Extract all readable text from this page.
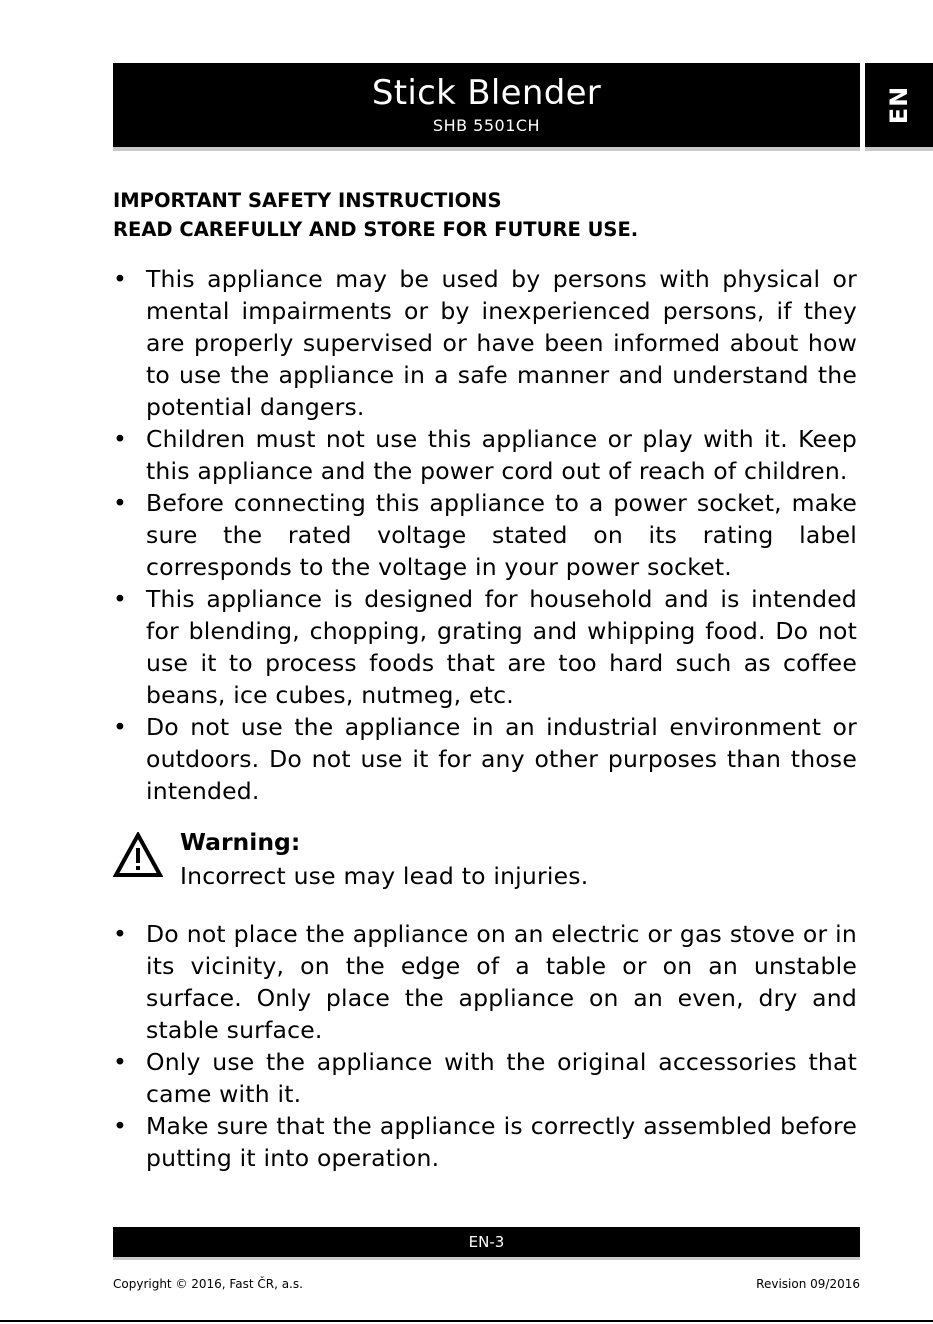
Stick Blender
SHB 5501CH
EN
IMPORTANT SAFETY INSTRUCTIONS
READ CAREFULLY AND STORE FOR FUTURE USE.
• This appliance may be used by persons with physical or mental impairments or by inexperienced persons, if they are properly supervised or have been informed about how to use the appliance in a safe manner and understand the potential dangers.
• Children must not use this appliance or play with it. Keep this appliance and the power cord out of reach of children.
• Before connecting this appliance to a power socket, make sure the rated voltage stated on its rating label corresponds to the voltage in your power socket.
• This appliance is designed for household and is intended for blending, chopping, grating and whipping food. Do not use it to process foods that are too hard such as coffee beans, ice cubes, nutmeg, etc.
• Do not use the appliance in an industrial environment or outdoors. Do not use it for any other purposes than those intended.
Warning:
Incorrect use may lead to injuries.
• Do not place the appliance on an electric or gas stove or in its vicinity, on the edge of a table or on an unstable surface. Only place the appliance on an even, dry and stable surface.
• Only use the appliance with the original accessories that came with it.
• Make sure that the appliance is correctly assembled before putting it into operation.
EN-3
Copyright © 2016, Fast ČR, a.s.	Revision 09/2016
